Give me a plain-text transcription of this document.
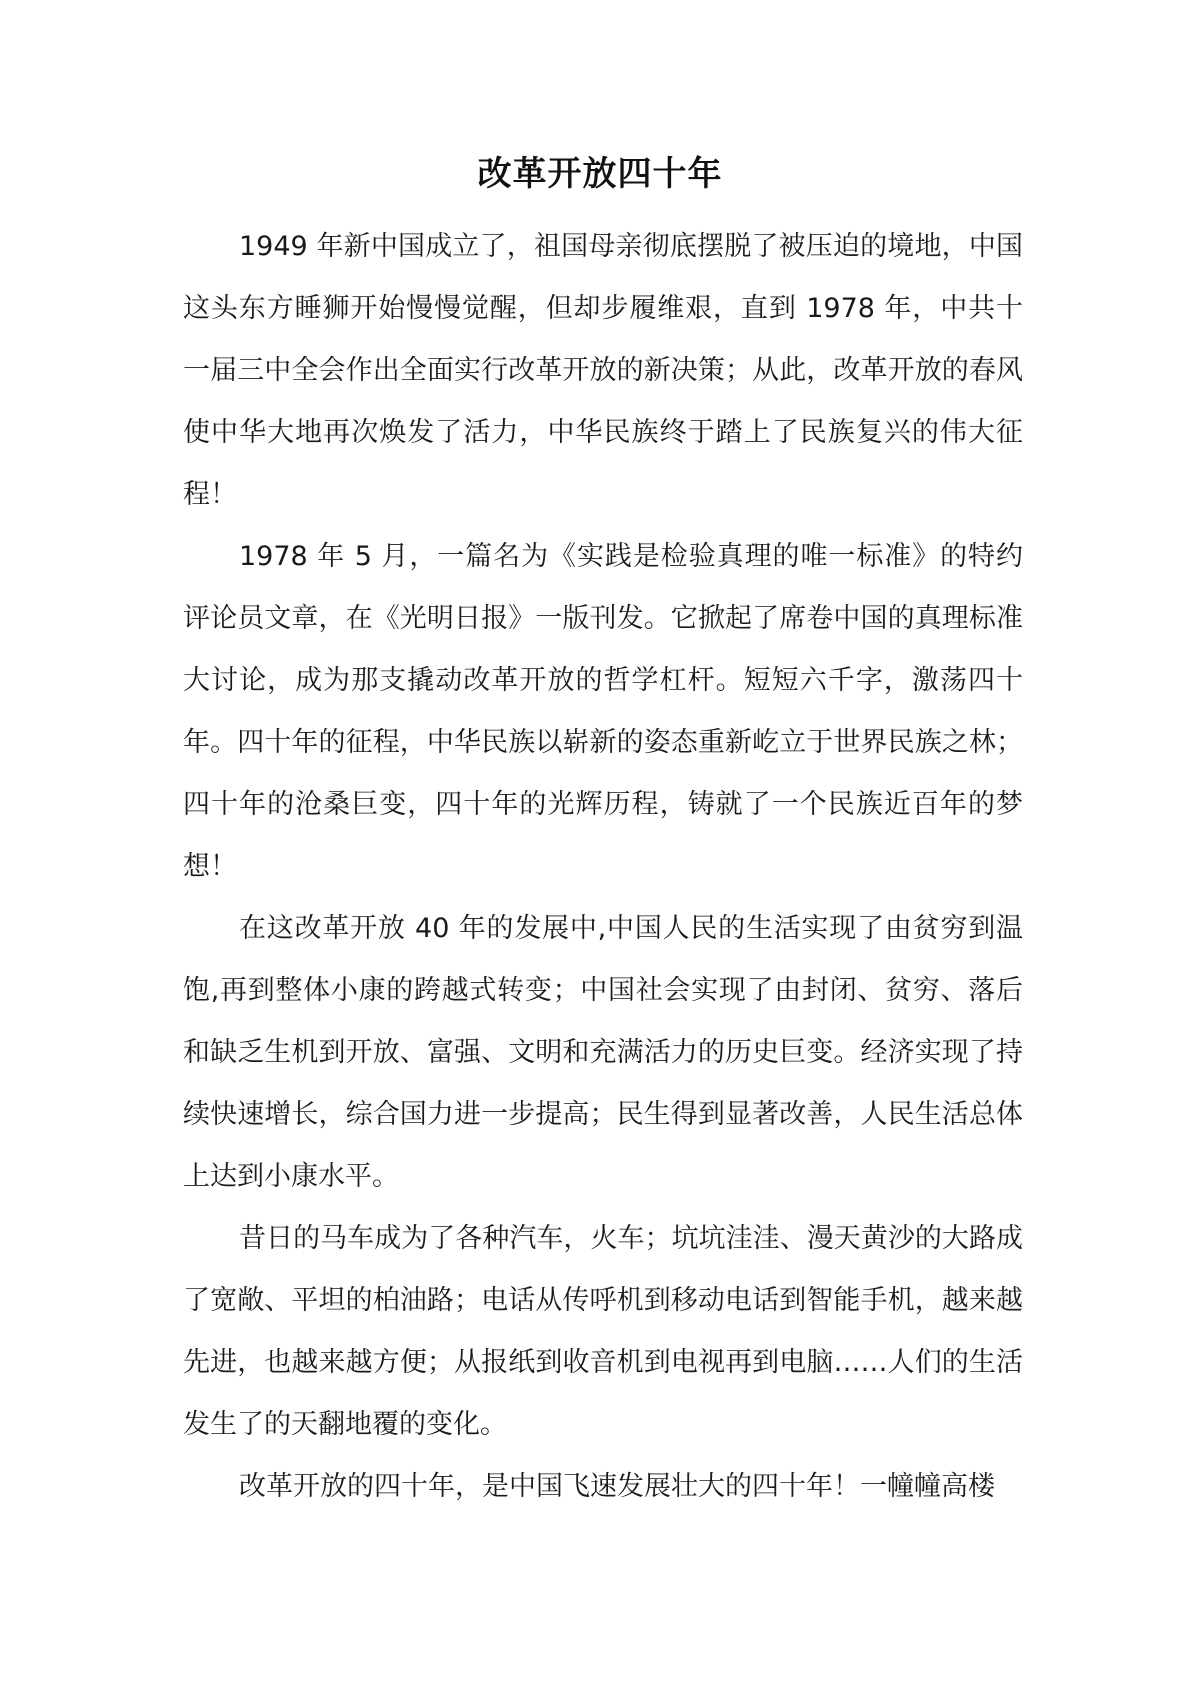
改革开放四十年

1949 年新中国成立了，祖国母亲彻底摆脱了被压迫的境地，中国这头东方睡狮开始慢慢觉醒，但却步履维艰，直到 1978 年，中共十一届三中全会作出全面实行改革开放的新决策；从此，改革开放的春风使中华大地再次焕发了活力，中华民族终于踏上了民族复兴的伟大征程！

1978 年 5 月，一篇名为《实践是检验真理的唯一标准》的特约评论员文章，在《光明日报》一版刊发。它掀起了席卷中国的真理标准大讨论，成为那支撬动改革开放的哲学杠杆。短短六千字，激荡四十年。四十年的征程，中华民族以崭新的姿态重新屹立于世界民族之林；四十年的沧桑巨变，四十年的光辉历程，铸就了一个民族近百年的梦想！

在这改革开放 40 年的发展中,中国人民的生活实现了由贫穷到温饱,再到整体小康的跨越式转变；中国社会实现了由封闭、贫穷、落后和缺乏生机到开放、富强、文明和充满活力的历史巨变。经济实现了持续快速增长，综合国力进一步提高；民生得到显著改善，人民生活总体上达到小康水平。

昔日的马车成为了各种汽车，火车；坑坑洼洼、漫天黄沙的大路成了宽敞、平坦的柏油路；电话从传呼机到移动电话到智能手机，越来越先进，也越来越方便；从报纸到收音机到电视再到电脑……人们的生活发生了的天翻地覆的变化。

改革开放的四十年，是中国飞速发展壮大的四十年！一幢幢高楼
